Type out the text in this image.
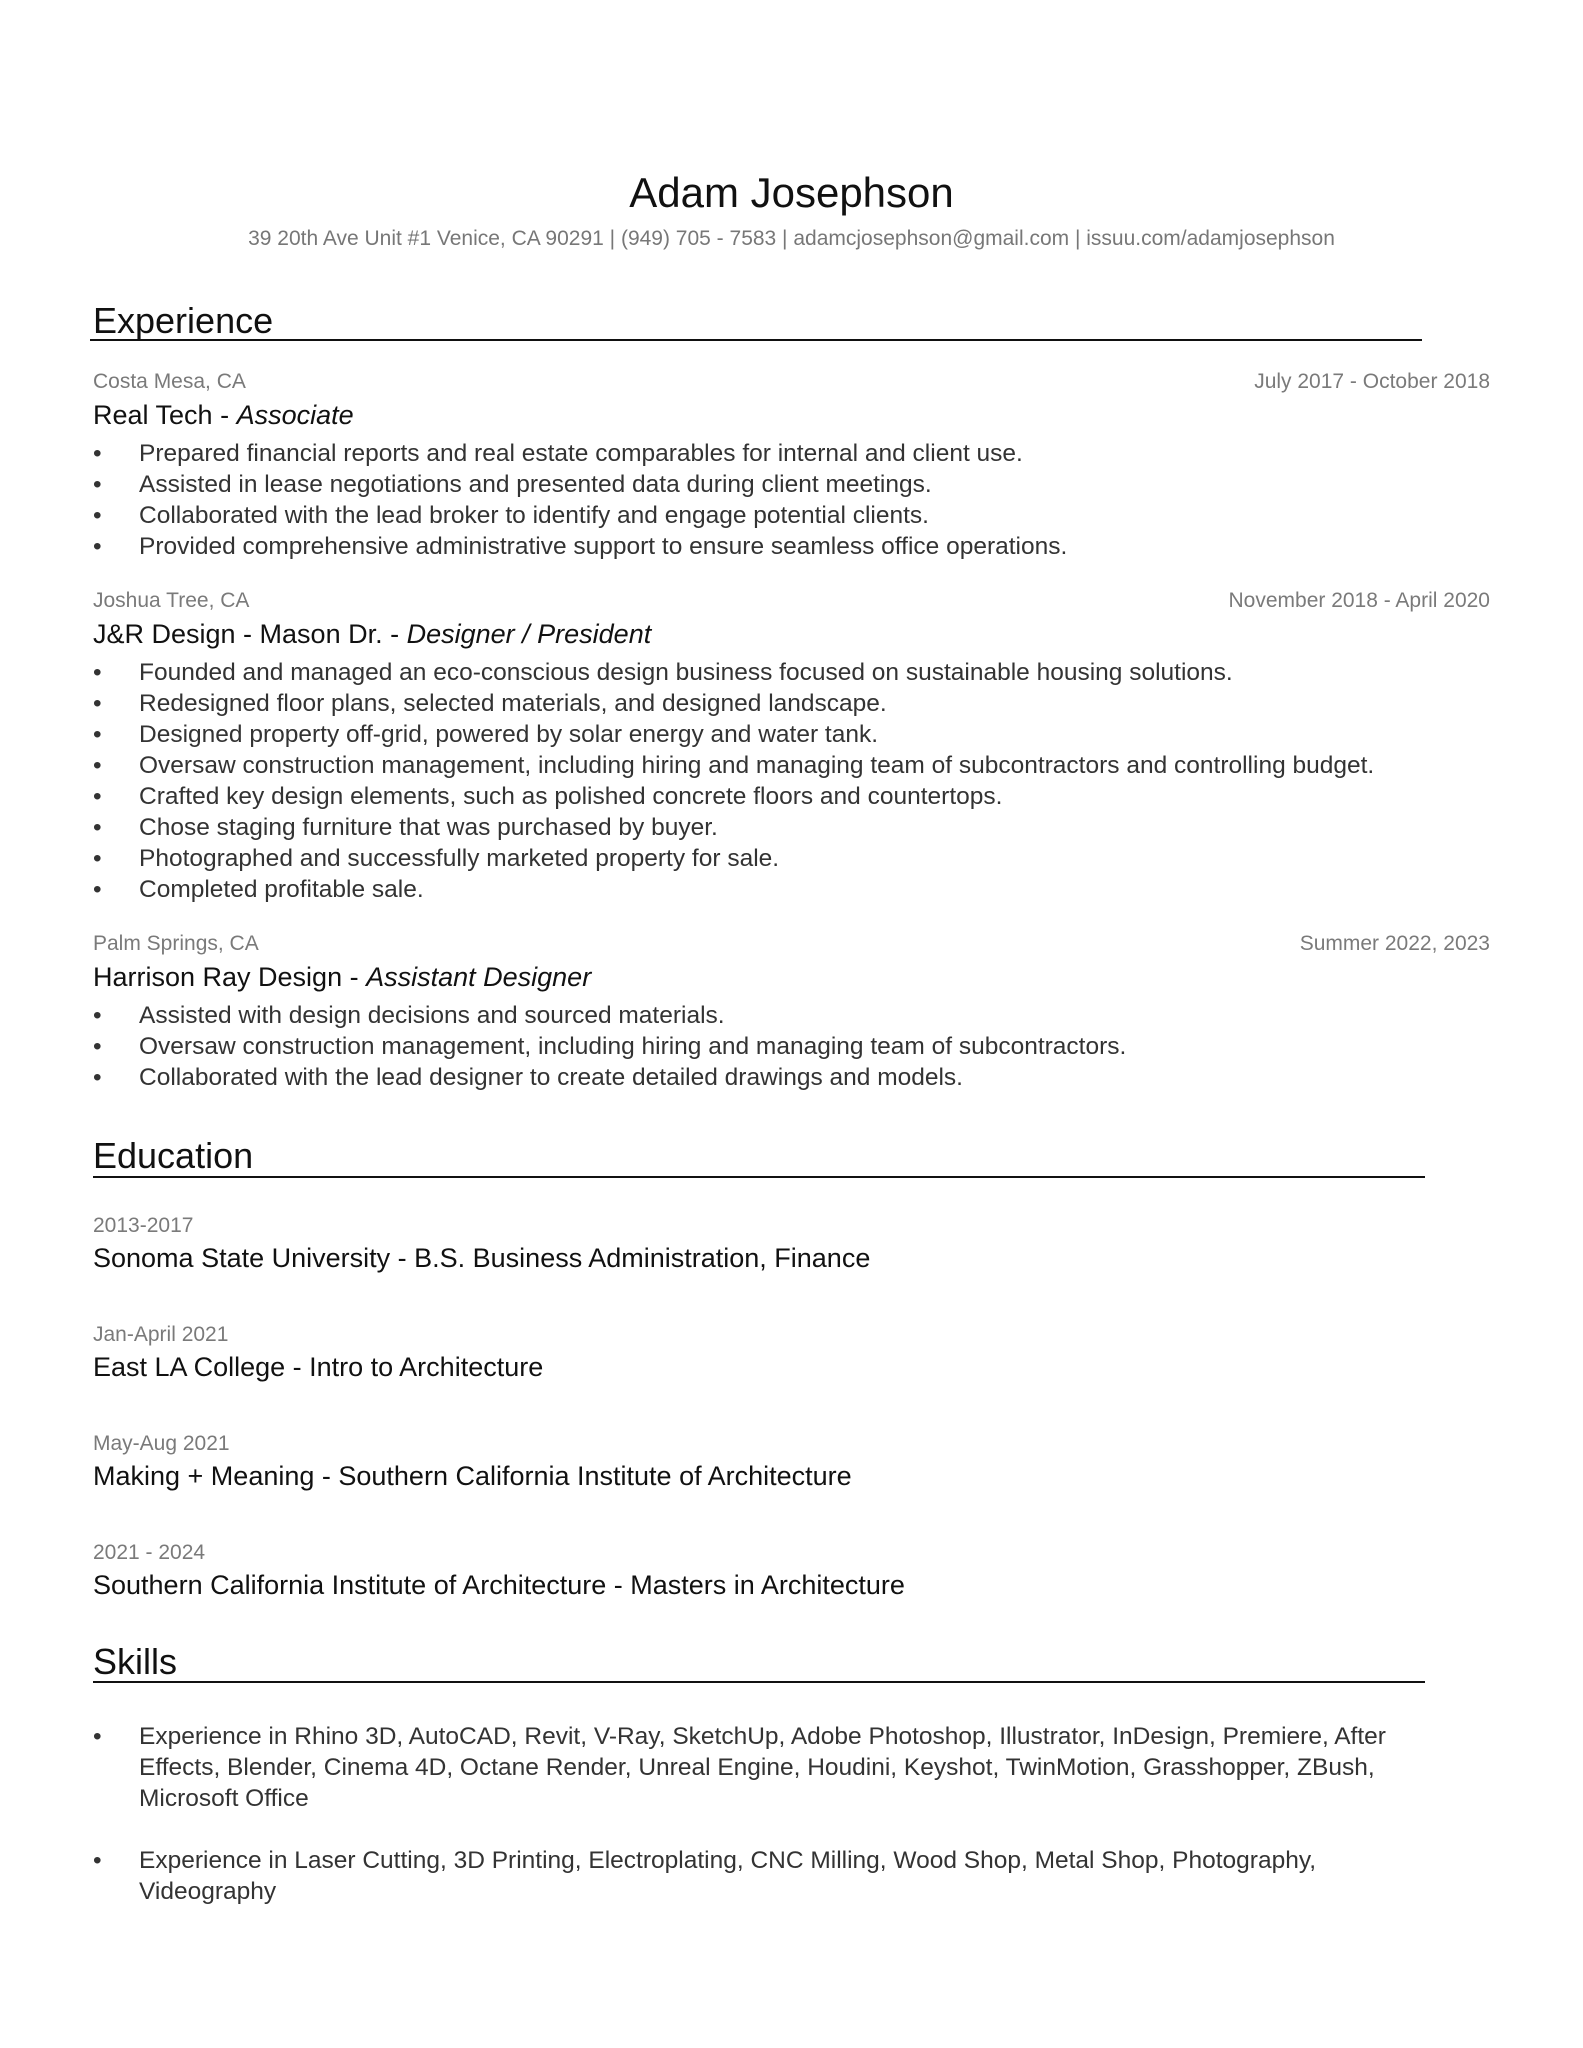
Adam Josephson
39 20th Ave Unit #1 Venice, CA 90291 | (949) 705 - 7583 | adamcjosephson@gmail.com | issuu.com/adamjosephson
Experience
Costa Mesa, CA	July 2017 - October 2018
Real Tech - Associate
• Prepared financial reports and real estate comparables for internal and client use.
• Assisted in lease negotiations and presented data during client meetings.
• Collaborated with the lead broker to identify and engage potential clients.
• Provided comprehensive administrative support to ensure seamless office operations.
Joshua Tree, CA	November 2018 - April 2020
J&R Design - Mason Dr. - Designer / President
• Founded and managed an eco-conscious design business focused on sustainable housing solutions.
• Redesigned floor plans, selected materials, and designed landscape.
• Designed property off-grid, powered by solar energy and water tank.
• Oversaw construction management, including hiring and managing team of subcontractors and controlling budget.
• Crafted key design elements, such as polished concrete floors and countertops.
• Chose staging furniture that was purchased by buyer.
• Photographed and successfully marketed property for sale.
• Completed profitable sale.
Palm Springs, CA	Summer 2022, 2023
Harrison Ray Design - Assistant Designer
• Assisted with design decisions and sourced materials.
• Oversaw construction management, including hiring and managing team of subcontractors.
• Collaborated with the lead designer to create detailed drawings and models.
Education
2013-2017
Sonoma State University - B.S. Business Administration, Finance
Jan-April 2021
East LA College - Intro to Architecture
May-Aug 2021
Making + Meaning - Southern California Institute of Architecture
2021 - 2024
Southern California Institute of Architecture - Masters in Architecture
Skills
• Experience in Rhino 3D, AutoCAD, Revit, V-Ray, SketchUp, Adobe Photoshop, Illustrator, InDesign, Premiere, After Effects, Blender, Cinema 4D, Octane Render, Unreal Engine, Houdini, Keyshot, TwinMotion, Grasshopper, ZBush, Microsoft Office
• Experience in Laser Cutting, 3D Printing, Electroplating, CNC Milling, Wood Shop, Metal Shop, Photography, Videography
